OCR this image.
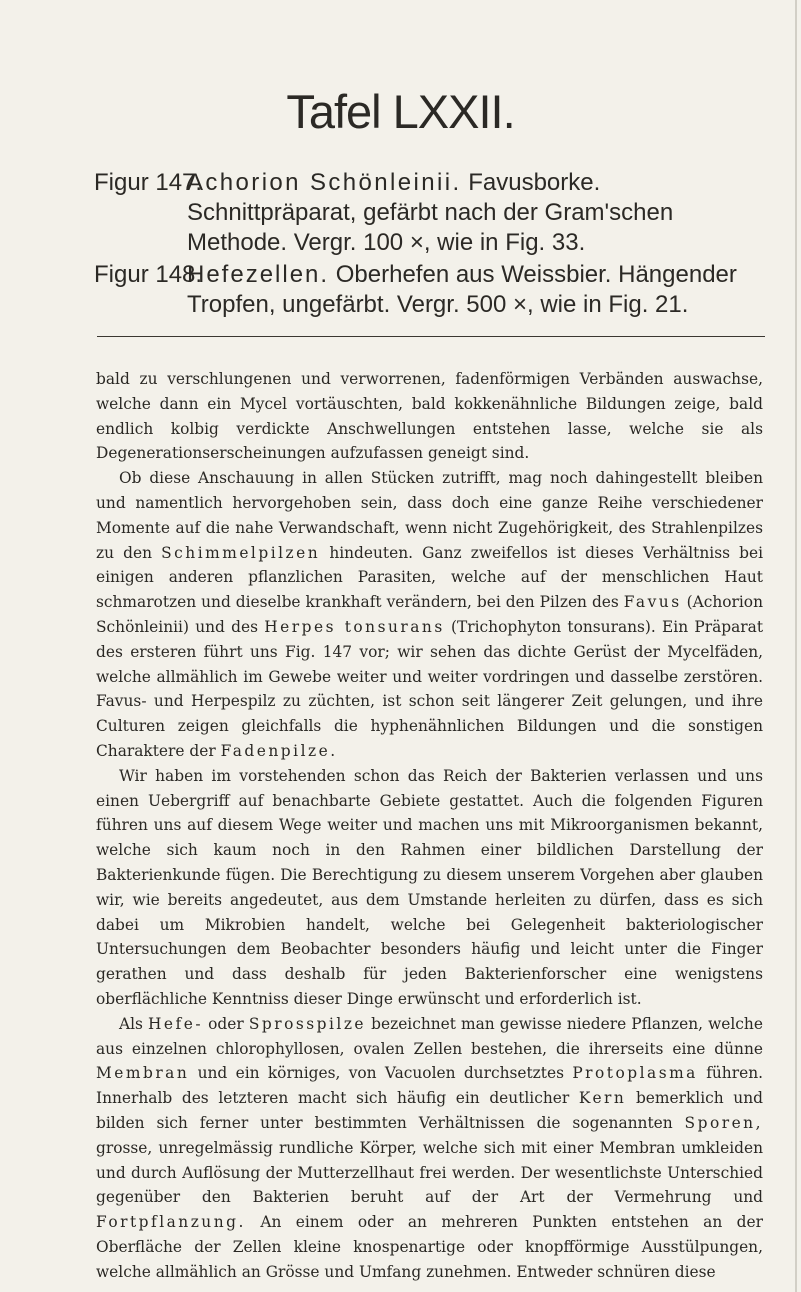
Tafel LXXII.
Figur 147.
Achorion Schönleinii. Favusborke. Schnittpräparat, gefärbt nach der Gram'schen Methode. Vergr. 100 ×, wie in Fig. 33.
Figur 148.
Hefezellen. Oberhefen aus Weissbier. Hängender Tropfen, ungefärbt. Vergr. 500 ×, wie in Fig. 21.

bald zu verschlungenen und verworrenen, fadenförmigen Verbänden auswachse, welche dann ein Mycel vortäuschten, bald kokkenähnliche Bildungen zeige, bald endlich kolbig verdickte Anschwellungen entstehen lasse, welche sie als Degenerationserscheinungen aufzufassen geneigt sind.

Ob diese Anschauung in allen Stücken zutrifft, mag noch dahingestellt bleiben und namentlich hervorgehoben sein, dass doch eine ganze Reihe verschiedener Momente auf die nahe Verwandschaft, wenn nicht Zugehörigkeit, des Strahlenpilzes zu den Schimmelpilzen hindeuten. Ganz zweifellos ist dieses Verhältniss bei einigen anderen pflanzlichen Parasiten, welche auf der menschlichen Haut schmarotzen und dieselbe krankhaft verändern, bei den Pilzen des Favus (Achorion Schönleinii) und des Herpes tonsurans (Trichophyton tonsurans). Ein Präparat des ersteren führt uns Fig. 147 vor; wir sehen das dichte Gerüst der Mycelfäden, welche allmählich im Gewebe weiter und weiter vordringen und dasselbe zerstören. Favus- und Herpespilz zu züchten, ist schon seit längerer Zeit gelungen, und ihre Culturen zeigen gleichfalls die hyphenähnlichen Bildungen und die sonstigen Charaktere der Fadenpilze.

Wir haben im vorstehenden schon das Reich der Bakterien verlassen und uns einen Uebergriff auf benachbarte Gebiete gestattet. Auch die folgenden Figuren führen uns auf diesem Wege weiter und machen uns mit Mikroorganismen bekannt, welche sich kaum noch in den Rahmen einer bildlichen Darstellung der Bakterienkunde fügen. Die Berechtigung zu diesem unserem Vorgehen aber glauben wir, wie bereits angedeutet, aus dem Umstande herleiten zu dürfen, dass es sich dabei um Mikrobien handelt, welche bei Gelegenheit bakteriologischer Untersuchungen dem Beobachter besonders häufig und leicht unter die Finger gerathen und dass deshalb für jeden Bakterienforscher eine wenigstens oberflächliche Kenntniss dieser Dinge erwünscht und erforderlich ist.

Als Hefe- oder Sprosspilze bezeichnet man gewisse niedere Pflanzen, welche aus einzelnen chlorophyllosen, ovalen Zellen bestehen, die ihrerseits eine dünne Membran und ein körniges, von Vacuolen durchsetztes Protoplasma führen. Innerhalb des letzteren macht sich häufig ein deutlicher Kern bemerklich und bilden sich ferner unter bestimmten Verhältnissen die sogenannten Sporen, grosse, unregelmässig rundliche Körper, welche sich mit einer Membran umkleiden und durch Auflösung der Mutterzellhaut frei werden. Der wesentlichste Unterschied gegenüber den Bakterien beruht auf der Art der Vermehrung und Fortpflanzung. An einem oder an mehreren Punkten entstehen an der Oberfläche der Zellen kleine knospenartige oder knopfförmige Ausstülpungen, welche allmählich an Grösse und Umfang zunehmen. Entweder schnüren diese
